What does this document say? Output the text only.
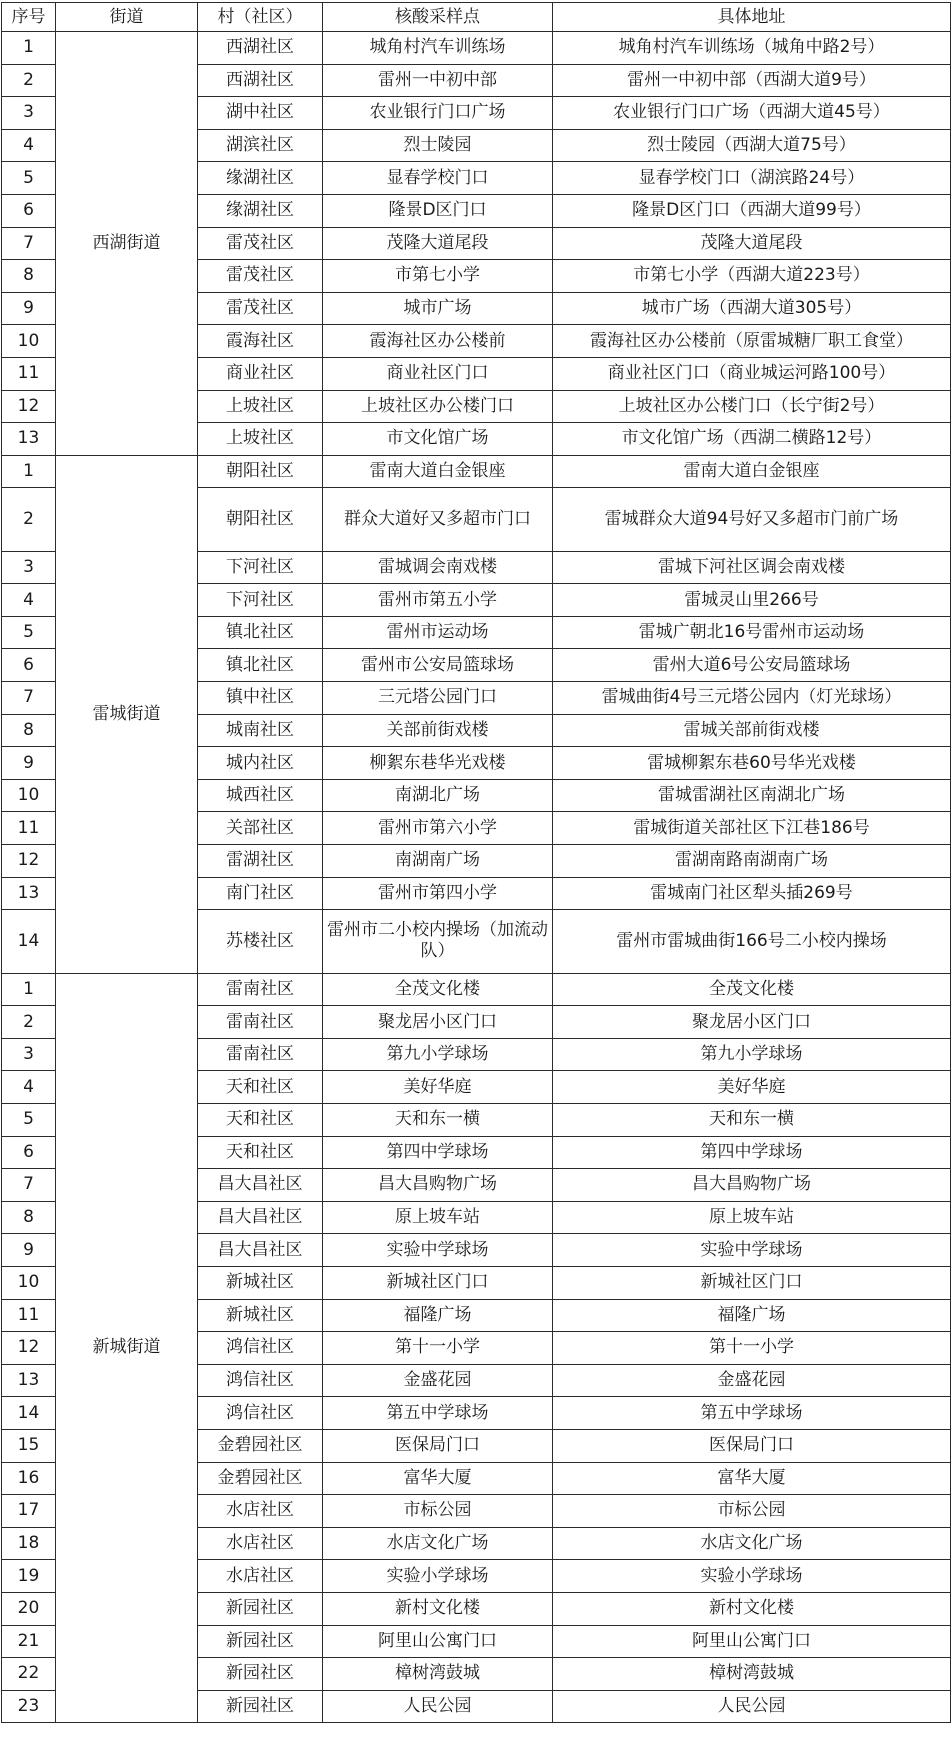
序号	街道	村（社区）	核酸采样点	具体地址
1	西湖街道	西湖社区	城角村汽车训练场	城角村汽车训练场（城角中路2号）
2		西湖社区	雷州一中初中部	雷州一中初中部（西湖大道9号）
3		湖中社区	农业银行门口广场	农业银行门口广场（西湖大道45号）
4		湖滨社区	烈士陵园	烈士陵园（西湖大道75号）
5		缘湖社区	显春学校门口	显春学校门口（湖滨路24号）
6		缘湖社区	隆景D区门口	隆景D区门口（西湖大道99号）
7		雷茂社区	茂隆大道尾段	茂隆大道尾段
8		雷茂社区	市第七小学	市第七小学（西湖大道223号）
9		雷茂社区	城市广场	城市广场（西湖大道305号）
10		霞海社区	霞海社区办公楼前	霞海社区办公楼前（原雷城糖厂职工食堂）
11		商业社区	商业社区门口	商业社区门口（商业城运河路100号）
12		上坡社区	上坡社区办公楼门口	上坡社区办公楼门口（长宁街2号）
13		上坡社区	市文化馆广场	市文化馆广场（西湖二横路12号）
1	雷城街道	朝阳社区	雷南大道白金银座	雷南大道白金银座
2		朝阳社区	群众大道好又多超市门口	雷城群众大道94号好又多超市门前广场
3		下河社区	雷城调会南戏楼	雷城下河社区调会南戏楼
4		下河社区	雷州市第五小学	雷城灵山里266号
5		镇北社区	雷州市运动场	雷城广朝北16号雷州市运动场
6		镇北社区	雷州市公安局篮球场	雷州大道6号公安局篮球场
7		镇中社区	三元塔公园门口	雷城曲街4号三元塔公园内（灯光球场）
8		城南社区	关部前街戏楼	雷城关部前街戏楼
9		城内社区	柳絮东巷华光戏楼	雷城柳絮东巷60号华光戏楼
10		城西社区	南湖北广场	雷城雷湖社区南湖北广场
11		关部社区	雷州市第六小学	雷城街道关部社区下江巷186号
12		雷湖社区	南湖南广场	雷湖南路南湖南广场
13		南门社区	雷州市第四小学	雷城南门社区犁头插269号
14		苏楼社区	雷州市二小校内操场（加流动队）	雷州市雷城曲街166号二小校内操场
1	新城街道	雷南社区	全茂文化楼	全茂文化楼
2		雷南社区	聚龙居小区门口	聚龙居小区门口
3		雷南社区	第九小学球场	第九小学球场
4		天和社区	美好华庭	美好华庭
5		天和社区	天和东一横	天和东一横
6		天和社区	第四中学球场	第四中学球场
7		昌大昌社区	昌大昌购物广场	昌大昌购物广场
8		昌大昌社区	原上坡车站	原上坡车站
9		昌大昌社区	实验中学球场	实验中学球场
10		新城社区	新城社区门口	新城社区门口
11		新城社区	福隆广场	福隆广场
12		鸿信社区	第十一小学	第十一小学
13		鸿信社区	金盛花园	金盛花园
14		鸿信社区	第五中学球场	第五中学球场
15		金碧园社区	医保局门口	医保局门口
16		金碧园社区	富华大厦	富华大厦
17		水店社区	市标公园	市标公园
18		水店社区	水店文化广场	水店文化广场
19		水店社区	实验小学球场	实验小学球场
20		新园社区	新村文化楼	新村文化楼
21		新园社区	阿里山公寓门口	阿里山公寓门口
22		新园社区	樟树湾鼓城	樟树湾鼓城
23		新园社区	人民公园	人民公园
